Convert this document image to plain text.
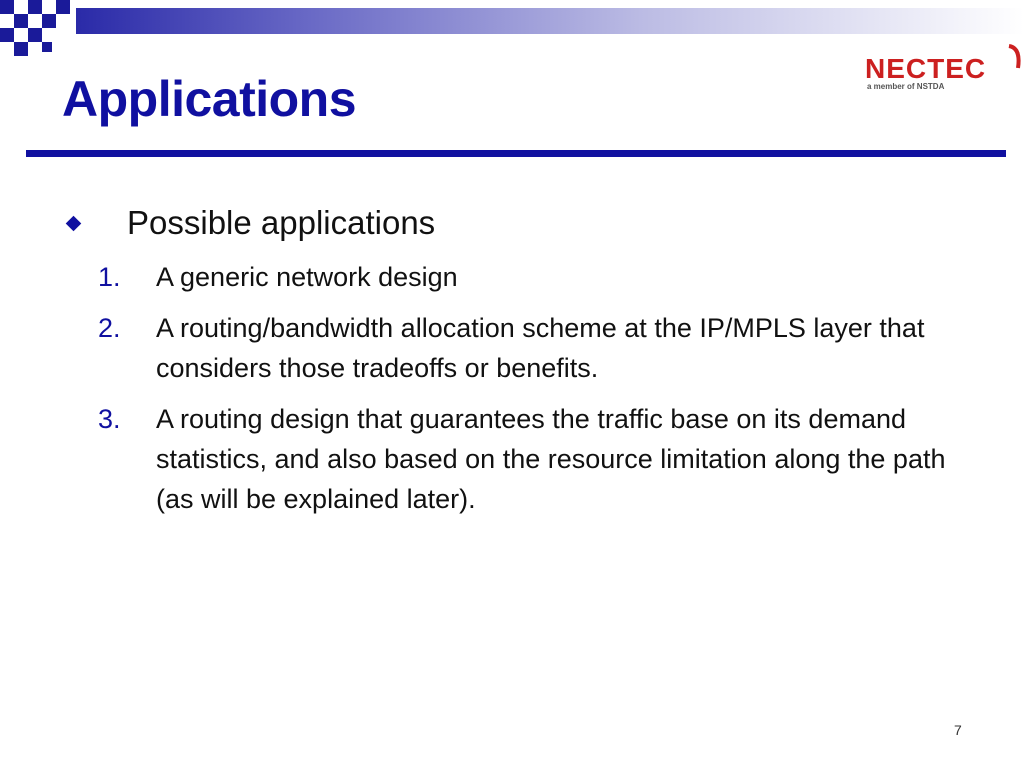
Applications
NECTEC
a member of NSTDA
Possible applications
1. A generic network design
2. A routing/bandwidth allocation scheme at the IP/MPLS layer that considers those tradeoffs or benefits.
3. A routing design that guarantees the traffic base on its demand statistics, and also based on the resource limitation along the path (as will be explained later).
7
